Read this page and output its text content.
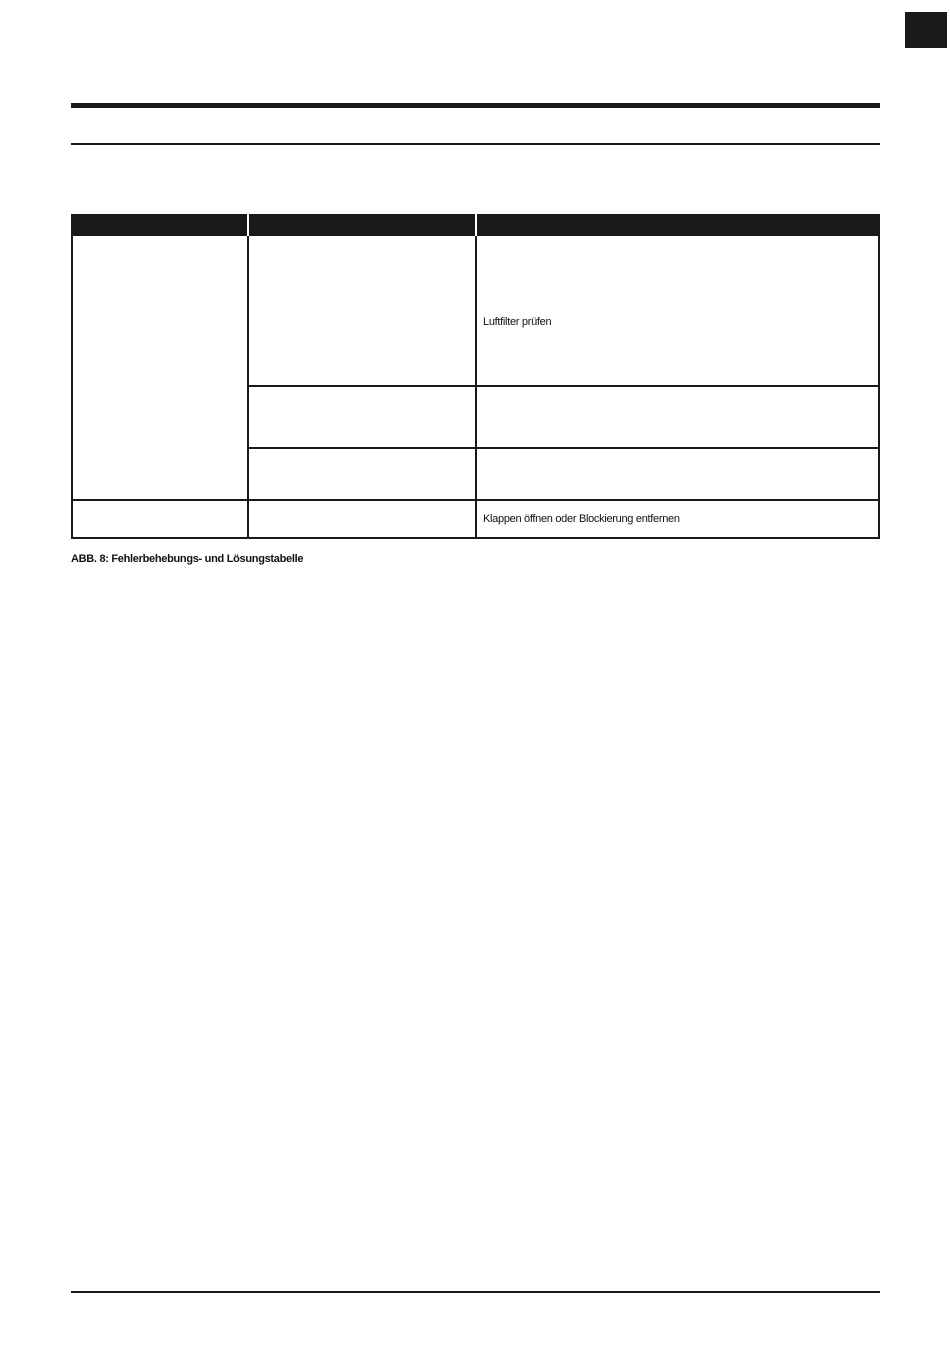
Luftfilter prüfen
Klappen öffnen oder Blockierung entfernen
ABB. 8: Fehlerbehebungs- und Lösungstabelle
